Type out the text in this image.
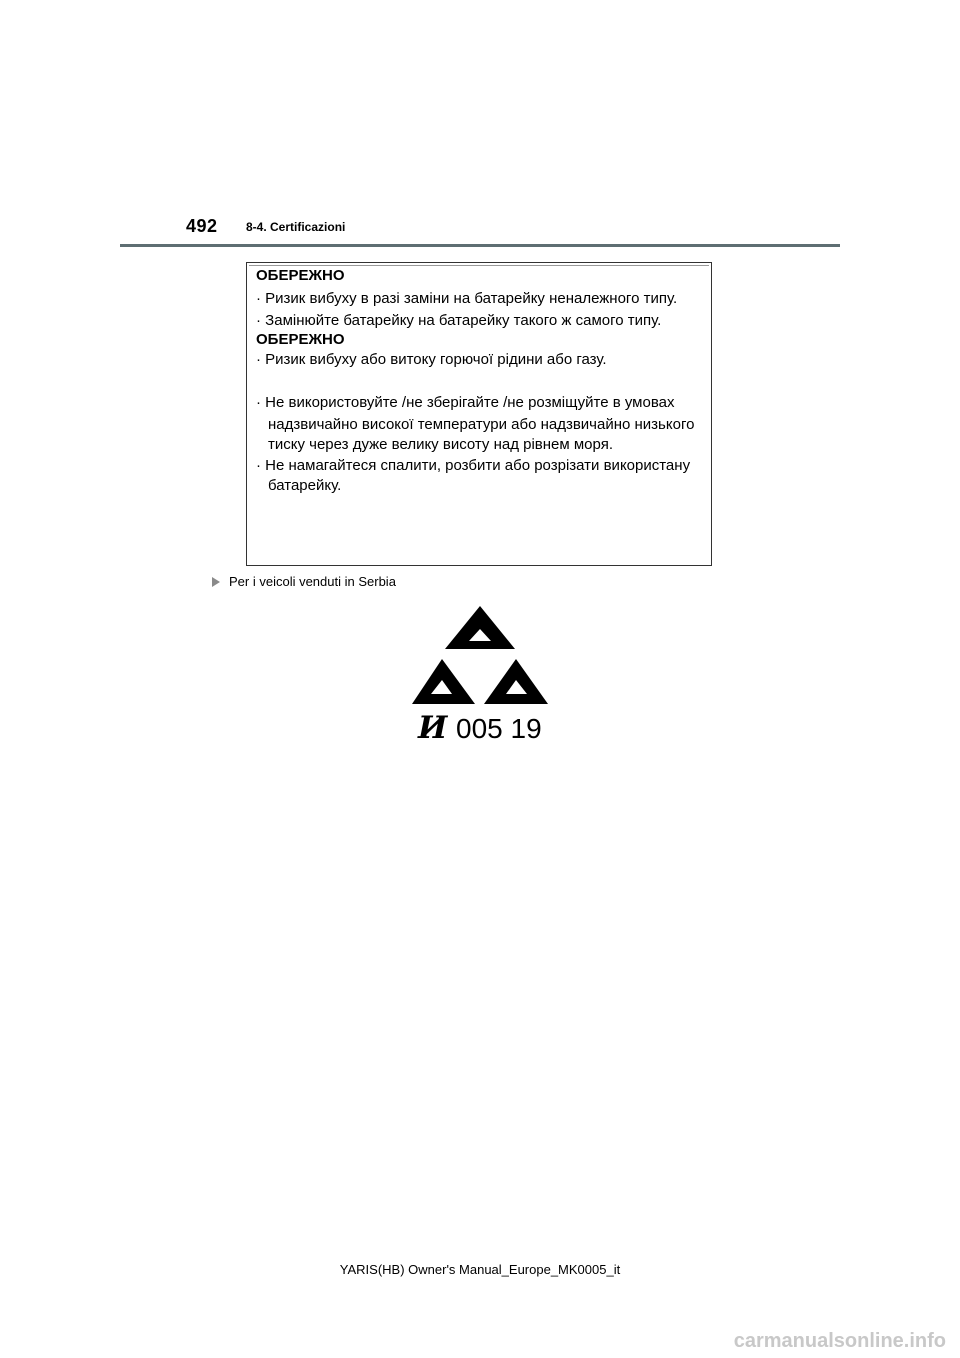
492 8-4. Certificazioni
ОБЕРЕЖНО
· Ризик вибуху в разі заміни на батарейку неналежного типу.
· Замінюйте батарейку на батарейку такого ж самого типу.
ОБЕРЕЖНО
· Ризик вибуху або витоку горючої рідини або газу.
· Не використовуйте /не зберігайте /не розміщуйте в умовах
надзвичайно високої температури або надзвичайно низького
тиску через дуже велику висоту над рівнем моря.
· Не намагайтеся спалити, розбити або розрізати використану
батарейку.
Per i veicoli venduti in Serbia
И 005 19
YARIS(HB) Owner's Manual_Europe_MK0005_it
carmanualsonline.info
